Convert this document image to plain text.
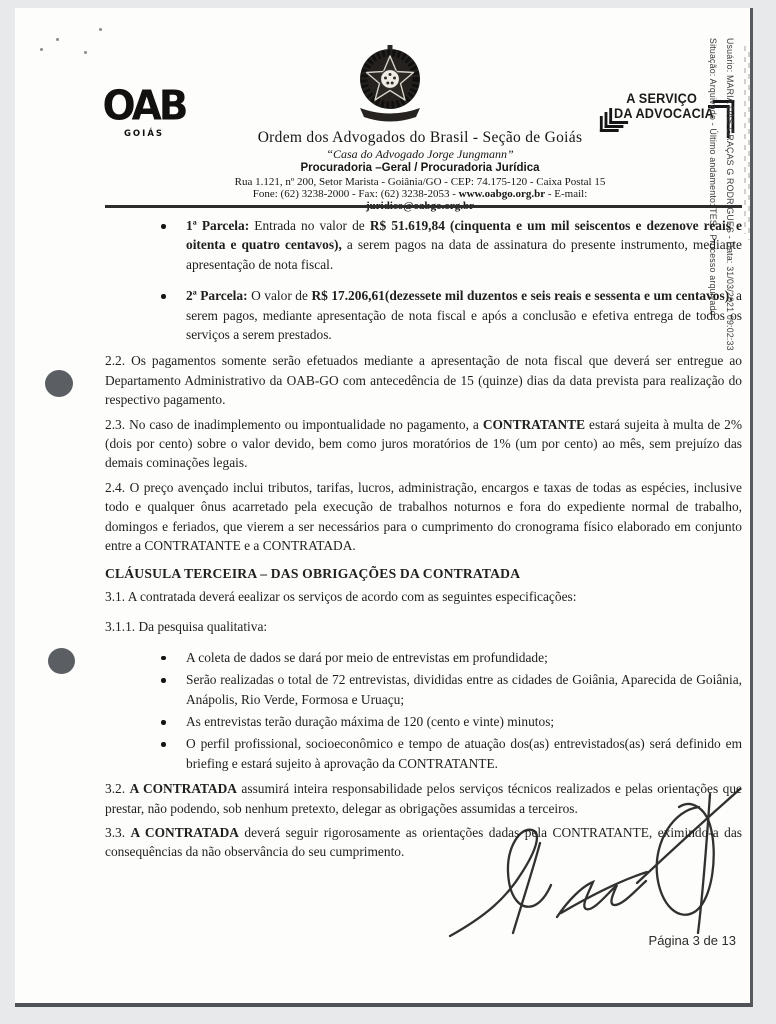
OAB
GOIÁS	Ordem dos Advogados do Brasil - Seção de Goiás
“Casa do Advogado Jorge Jungmann”
Procuradoria –Geral / Procuradoria Jurídica
Rua 1.121, nº 200, Setor Marista - Goiânia/GO - CEP: 74.175-120 - Caixa Postal 15
Fone: (62) 3238-2000 - Fax: (62) 3238-2053 - www.oabgo.org.br - E-mail: juridico@oabgo.org.br
A SERVIÇO
DA ADVOCACIA	Usuário: MARIA DAS GRAÇAS G RODRIGUES - Data: 31/03/2021 09:02:33
Situação: Arquivado - Último andamento: TES - Processo arquivado
1ª Parcela: Entrada no valor de R$ 51.619,84 (cinquenta e um mil seiscentos e dezenove reais e oitenta e quatro centavos), a serem pagos na data de assinatura do presente instrumento, mediante apresentação de nota fiscal.
2ª Parcela: O valor de R$ 17.206,61(dezessete mil duzentos e seis reais e sessenta e um centavos), a serem pagos, mediante apresentação de nota fiscal e após a conclusão e efetiva entrega de todos os serviços a serem prestados.

2.2. Os pagamentos somente serão efetuados mediante a apresentação de nota fiscal que deverá ser entregue ao Departamento Administrativo da OAB-GO com antecedência de 15 (quinze) dias da data prevista para realização do respectivo pagamento.

2.3. No caso de inadimplemento ou impontualidade no pagamento, a CONTRATANTE estará sujeita à multa de 2% (dois por cento) sobre o valor devido, bem como juros moratórios de 1% (um por cento) ao mês, sem prejuízo das demais cominações legais.

2.4. O preço avençado inclui tributos, tarifas, lucros, administração, encargos e taxas de todas as espécies, inclusive todo e qualquer ônus acarretado pela execução de trabalhos noturnos e fora do expediente normal de trabalho, domingos e feriados, que vierem a ser necessários para o cumprimento do cronograma físico elaborado em conjunto entre a CONTRATANTE e a CONTRATADA.

CLÁUSULA TERCEIRA – DAS OBRIGAÇÕES DA CONTRATADA

3.1. A contratada deverá eealizar os serviços de acordo com as seguintes especificações:

3.1.1. Da pesquisa qualitativa:

A coleta de dados se dará por meio de entrevistas em profundidade;
Serão realizadas o total de 72 entrevistas, divididas entre as cidades de Goiânia, Aparecida de Goiânia, Anápolis, Rio Verde, Formosa e Uruaçu;
As entrevistas terão duração máxima de 120 (cento e vinte) minutos;
O perfil profissional, socioeconômico e tempo de atuação dos(as) entrevistados(as) será definido em briefing e estará sujeito à aprovação da CONTRATANTE.

3.2. A CONTRATADA assumirá inteira responsabilidade pelos serviços técnicos realizados e pelas orientações que prestar, não podendo, sob nenhum pretexto, delegar as obrigações assumidas a terceiros.

3.3. A CONTRATADA deverá seguir rigorosamente as orientações dadas pela CONTRATANTE, eximindo-a das consequências da não observância do seu cumprimento.

Página 3 de 13
